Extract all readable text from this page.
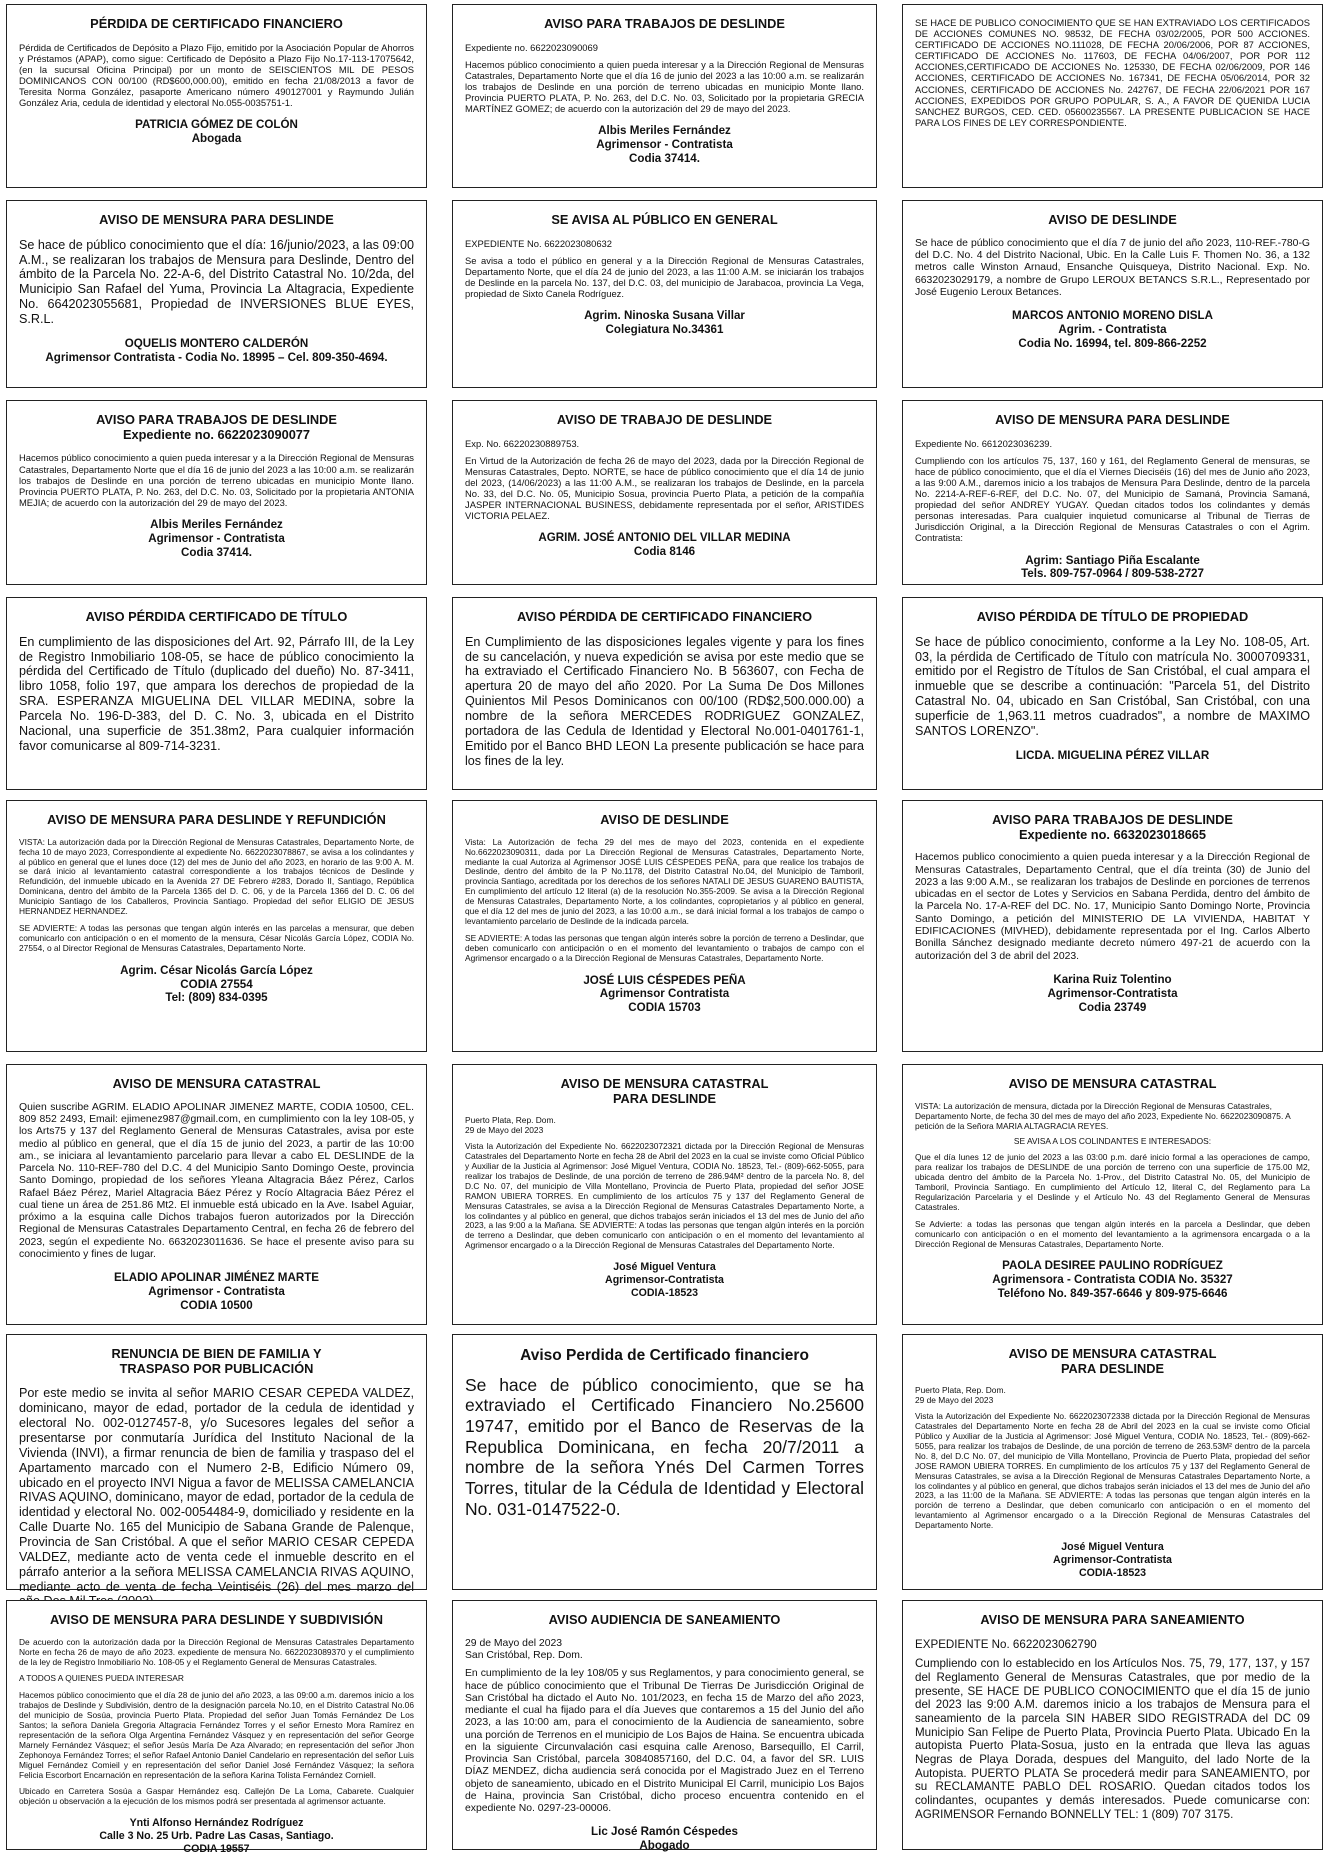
PÉRDIDA DE CERTIFICADO FINANCIERO

Pérdida de Certificados de Depósito a Plazo Fijo, emitido por la Asociación Popular de Ahorros y Préstamos (APAP), como sigue: Certificado de Depósito a Plazo Fijo No.17-113-17075642, (en la sucursal Oficina Principal) por un monto de SEISCIENTOS MIL DE PESOS DOMINICANOS CON 00/100 (RD$600,000.00), emitido en fecha 21/08/2013 a favor de Teresita Norma González, pasaporte Americano número 490127001 y Raymundo Julián González Aria, cedula de identidad y electoral No.055-0035751-1.

PATRICIA GÓMEZ DE COLÓN
Abogada
AVISO PARA TRABAJOS DE DESLINDE
Expediente no. 6622023090069

Hacemos público conocimiento a quien pueda interesar y a la Dirección Regional de Mensuras Catastrales, Departamento Norte que el día 16 de junio del 2023 a las 10:00 a.m. se realizarán los trabajos de Deslinde en una porción de terreno ubicadas en municipio Monte llano. Provincia PUERTO PLATA, P. No. 263, del D.C. No. 03, Solicitado por la propietaria GRECIA MARTÍNEZ GOMEZ; de acuerdo con la autorización del 29 de mayo del 2023.

Albis Meriles Fernández
Agrimensor - Contratista
Codia 37414.

SE HACE DE PUBLICO CONOCIMIENTO QUE SE HAN EXTRAVIADO LOS CERTIFICADOS DE ACCIONES COMUNES NO. 98532, DE FECHA 03/02/2005, POR 500 ACCIONES. CERTIFICADO DE ACCIONES NO.111028, DE FECHA 20/06/2006, POR 87 ACCIONES, CERTIFICADO DE ACCIONES No. 117603, DE FECHA 04/06/2007, POR POR 112 ACCIONES,CERTIFICADO DE ACCIONES No. 125330, DE FECHA 02/06/2009, POR 146 ACCIONES, CERTIFICADO DE ACCIONES No. 167341, DE FECHA 05/06/2014, POR 32 ACCIONES, CERTIFICADO DE ACCIONES No. 242767, DE FECHA 22/06/2021 POR 167 ACCIONES, EXPEDIDOS POR GRUPO POPULAR, S. A., A FAVOR DE QUENIDA LUCIA SANCHEZ BURGOS, CED. CED. 05600235567. LA PRESENTE PUBLICACION SE HACE PARA LOS FINES DE LEY CORRESPONDIENTE.

AVISO DE MENSURA PARA DESLINDE

Se hace de público conocimiento que el día: 16/junio/2023, a las 09:00 A.M., se realizaran los trabajos de Mensura para Deslinde, Dentro del ámbito de la Parcela No. 22-A-6, del Distrito Catastral No. 10/2da, del Municipio San Rafael del Yuma, Provincia La Altagracia, Expediente No. 6642023055681, Propiedad de INVERSIONES BLUE EYES, S.R.L.

OQUELIS MONTERO CALDERÓN
Agrimensor Contratista - Codia No. 18995 – Cel. 809-350-4694.
SE AVISA AL PÚBLICO EN GENERAL
EXPEDIENTE No. 6622023080632

Se avisa a todo el público en general y a la Dirección Regional de Mensuras Catastrales, Departamento Norte, que el día 24 de junio del 2023, a las 11:00 A.M. se iniciarán los trabajos de Deslinde en la parcela No. 137, del D.C. 03, del municipio de Jarabacoa, provincia La Vega, propiedad de Sixto Canela Rodríguez.

Agrim. Ninoska Susana Villar
Colegiatura No.34361
AVISO DE DESLINDE

Se hace de público conocimiento que el día 7 de junio del año 2023, 110-REF.-780-G del D.C. No. 4 del Distrito Nacional, Ubic. En la Calle Luis F. Thomen No. 36, a 132 metros calle Winston Arnaud, Ensanche Quisqueya, Distrito Nacional. Exp. No. 6632023029179, a nombre de Grupo LEROUX BETANCS S.R.L., Representado por José Eugenio Leroux Betances.

MARCOS ANTONIO MORENO DISLA
Agrim. - Contratista
Codia No. 16994, tel. 809-866-2252
AVISO PARA TRABAJOS DE DESLINDE
Expediente no. 6622023090077

Hacemos público conocimiento a quien pueda interesar y a la Dirección Regional de Mensuras Catastrales, Departamento Norte que el día 16 de junio del 2023 a las 10:00 a.m. se realizarán los trabajos de Deslinde en una porción de terreno ubicadas en municipio Monte llano. Provincia PUERTO PLATA, P. No. 263, del D.C. No. 03, Solicitado por la propietaria ANTONIA MEJIA; de acuerdo con la autorización del 29 de mayo del 2023.

Albis Meriles Fernández
Agrimensor - Contratista
Codia 37414.
AVISO DE TRABAJO DE DESLINDE
Exp. No. 66220230889753.

En Virtud de la Autorización de fecha 26 de mayo del 2023, dada por la Dirección Regional de Mensuras Catastrales, Depto. NORTE, se hace de público conocimiento que el día 14 de junio del 2023, (14/06/2023) a las 11:00 A.M., se realizaran los trabajos de Deslinde, en la parcela No. 33, del D.C. No. 05, Municipio Sosua, provincia Puerto Plata, a petición de la compañía JASPER INTERNACIONAL BUSINESS, debidamente representada por el señor, ARISTIDES VICTORIA PELAEZ.

AGRIM. JOSÉ ANTONIO DEL VILLAR MEDINA
Codia 8146
AVISO DE MENSURA PARA DESLINDE
Expediente No. 6612023036239.

Cumpliendo con los artículos 75, 137, 160 y 161, del Reglamento General de mensuras, se hace de público conocimiento, que el día el Viernes Dieciséis (16) del mes de Junio año 2023, a las 9:00 A.M., daremos inicio a los trabajos de Mensura Para Deslinde, dentro de la parcela No. 2214-A-REF-6-REF, del D.C. No. 07, del Municipio de Samaná, Provincia Samaná, propiedad del señor ANDREY YUGAY. Quedan citados todos los colindantes y demás personas interesadas. Para cualquier inquietud comunicarse al Tribunal de Tierras de Jurisdicción Original, a la Dirección Regional de Mensuras Catastrales o con el Agrim. Contratista:

Agrim: Santiago Piña Escalante
Tels. 809-757-0964 / 809-538-2727
AVISO PÉRDIDA CERTIFICADO DE TÍTULO

En cumplimiento de las disposiciones del Art. 92, Párrafo III, de la Ley de Registro Inmobiliario 108-05, se hace de público conocimiento la pérdida del Certificado de Título (duplicado del dueño) No. 87-3411, libro 1058, folio 197, que ampara los derechos de propiedad de la SRA. ESPERANZA MIGUELINA DEL VILLAR MEDINA, sobre la Parcela No. 196-D-383, del D. C. No. 3, ubicada en el Distrito Nacional, una superficie de 351.38m2, Para cualquier información favor comunicarse al 809-714-3231.

AVISO PÉRDIDA DE CERTIFICADO FINANCIERO

En Cumplimiento de las disposiciones legales vigente y para los fines de su cancelación, y nueva expedición se avisa por este medio que se ha extraviado el Certificado Financiero No. B 563607, con Fecha de apertura 20 de mayo del año 2020. Por La Suma De Dos Millones Quinientos Mil Pesos Dominicanos con 00/100 (RD$2,500.000.00) a nombre de la señora MERCEDES RODRIGUEZ GONZALEZ, portadora de las Cedula de Identidad y Electoral No.001-0401761-1, Emitido por el Banco BHD LEON La presente publicación se hace para los fines de la ley.

AVISO PÉRDIDA DE TÍTULO DE PROPIEDAD

Se hace de público conocimiento, conforme a la Ley No. 108-05, Art. 03, la pérdida de Certificado de Título con matrícula No. 3000709331, emitido por el Registro de Títulos de San Cristóbal, el cual ampara el inmueble que se describe a continuación: "Parcela 51, del Distrito Catastral No. 04, ubicado en San Cristóbal, San Cristóbal, con una superficie de 1,963.11 metros cuadrados", a nombre de MAXIMO SANTOS LORENZO".

LICDA. MIGUELINA PÉREZ VILLAR
AVISO DE MENSURA PARA DESLINDE Y REFUNDICIÓN

VISTA: La autorización dada por la Dirección Regional de Mensuras Catastrales, Departamento Norte, de fecha 10 de mayo 2023, Correspondiente al expediente No. 6622023078867, se avisa a los colindantes y al público en general que el lunes doce (12) del mes de Junio del año 2023, en horario de las 9:00 A. M. se dará inicio al levantamiento catastral correspondiente a los trabajos técnicos de Deslinde y Refundición, del inmueble ubicado en la Avenida 27 DE Febrero #283, Dorado II, Santiago, República Dominicana, dentro del ámbito de la Parcela 1365 del D. C. 06, y de la Parcela 1366 del D. C. 06 del Municipio Santiago de los Caballeros, Provincia Santiago. Propiedad del señor ELIGIO DE JESUS HERNANDEZ HERNANDEZ.

SE ADVIERTE: A todas las personas que tengan algún interés en las parcelas a mensurar, que deben comunicarlo con anticipación o en el momento de la mensura, César Nicolás García López, CODIA No. 27554, o al Director Regional de Mensuras Catastrales, Departamento Norte.

Agrim. César Nicolás García López
CODIA 27554
Tel: (809) 834-0395
AVISO DE DESLINDE

Vista: La Autorización de fecha 29 del mes de mayo del 2023, contenida en el expediente No.6622023090311, dada por La Dirección Regional de Mensuras Catastrales, Departamento Norte, mediante la cual Autoriza al Agrimensor JOSÉ LUIS CÉSPEDES PEÑA, para que realice los trabajos de Deslinde, dentro del ámbito de la P No.1178, del Distrito Catastral No.04, del Municipio de Tamboril, provincia Santiago, acreditada por los derechos de los señores NATALI DE JESUS GUARENO BAUTISTA, En cumplimiento del artículo 12 literal (a) de la resolución No.355-2009. Se avisa a la Dirección Regional de Mensuras Catastrales, Departamento Norte, a los colindantes, copropietarios y al público en general, que el día 12 del mes de junio del 2023, a las 10:00 a.m., se dará inicial formal a los trabajos de campo o levantamiento parcelario de Deslinde de la indicada parcela.

SE ADVIERTE: A todas las personas que tengan algún interés sobre la porción de terreno a Deslindar, que deben comunicarlo con anticipación o en el momento del levantamiento o trabajos de campo con el Agrimensor encargado o a la Dirección Regional de Mensuras Catastrales, Departamento Norte.

JOSÉ LUIS CÉSPEDES PEÑA
Agrimensor Contratista
CODIA 15703
AVISO PARA TRABAJOS DE DESLINDE
Expediente no. 6632023018665

Hacemos publico conocimiento a quien pueda interesar y a la Dirección Regional de Mensuras Catastrales, Departamento Central, que el día treinta (30) de Junio del 2023 a las 9:00 A.M., se realizaran los trabajos de Deslinde en porciones de terrenos ubicadas en el sector de Lotes y Servicios en Sabana Perdida, dentro del ámbito de la Parcela No. 17-A-REF del DC. No. 17, Municipio Santo Domingo Norte, Provincia Santo Domingo, a petición del MINISTERIO DE LA VIVIENDA, HABITAT Y EDIFICACIONES (MIVHED), debidamente representada por el Ing. Carlos Alberto Bonilla Sánchez designado mediante decreto número 497-21 de acuerdo con la autorización del 3 de abril del 2023.

Karina Ruiz Tolentino
Agrimensor-Contratista
Codia 23749
AVISO DE MENSURA CATASTRAL

Quien suscribe AGRIM. ELADIO APOLINAR JIMENEZ MARTE, CODIA 10500, CEL. 809 852 2493, Email: ejimenez987@gmail.com, en cumplimiento con la ley 108-05, y los Arts75 y 137 del Reglamento General de Mensuras Catastrales, avisa por este medio al público en general, que el día 15 de junio del 2023, a partir de las 10:00 am., se iniciara al levantamiento parcelario para llevar a cabo EL DESLINDE de la Parcela No. 110-REF-780 del D.C. 4 del Municipio Santo Domingo Oeste, provincia Santo Domingo, propiedad de los señores Yleana Altagracia Báez Pérez, Carlos Rafael Báez Pérez, Mariel Altagracia Báez Pérez y Rocío Altagracia Báez Pérez el cual tiene un área de 251.86 Mt2. El inmueble está ubicado en la Ave. Isabel Aguiar, próximo a la esquina calle Dichos trabajos fueron autorizados por la Dirección Regional de Mensuras Catastrales Departamento Central, en fecha 26 de febrero del 2023, según el expediente No. 6632023011636. Se hace el presente aviso para su conocimiento y fines de lugar.

ELADIO APOLINAR JIMÉNEZ MARTE
Agrimensor - Contratista
CODIA 10500
AVISO DE MENSURA CATASTRAL
PARA DESLINDE
Puerto Plata, Rep. Dom.
29 de Mayo del 2023

Vista la Autorización del Expediente No. 6622023072321 dictada por la Dirección Regional de Mensuras Catastrales del Departamento Norte en fecha 28 de Abril del 2023 en la cual se inviste como Oficial Público y Auxiliar de la Justicia al Agrimensor: José Miguel Ventura, CODIA No. 18523, Tel.- (809)-662-5055, para realizar los trabajos de Deslinde, de una porción de terreno de 286.94M² dentro de la parcela No. 8, del D.C No. 07, del municipio de Villa Montellano, Provincia de Puerto Plata, propiedad del señor JOSE RAMON UBIERA TORRES. En cumplimiento de los artículos 75 y 137 del Reglamento General de Mensuras Catastrales, se avisa a la Dirección Regional de Mensuras Catastrales Departamento Norte, a los colindantes y al público en general, que dichos trabajos serán iniciados el 13 del mes de Junio del año 2023, a las 9:00 a la Mañana. SE ADVIERTE: A todas las personas que tengan algún interés en la porción de terreno a Deslindar, que deben comunicarlo con anticipación o en el momento del levantamiento al Agrimensor encargado o a la Dirección Regional de Mensuras Catastrales del Departamento Norte.

José Miguel Ventura
Agrimensor-Contratista
CODIA-18523
AVISO DE MENSURA CATASTRAL
VISTA: La autorización de mensura, dictada por la Dirección Regional de Mensuras Catastrales, Departamento Norte, de fecha 30 del mes de mayo del año 2023, Expediente No. 6622023090875. A petición de la Señora MARIA ALTAGRACIA REYES.
SE AVISA A LOS COLINDANTES E INTERESADOS:

Que el día lunes 12 de junio del 2023 a las 03:00 p.m. daré inicio formal a las operaciones de campo, para realizar los trabajos de DESLINDE de una porción de terreno con una superficie de 175.00 M2, ubicada dentro del ámbito de la Parcela No. 1-Prov., del Distrito Catastral No. 05, del Municipio de Tamboril, Provincia Santiago. En cumplimiento del Artículo 12, literal C, del Reglamento para La Regularización Parcelaria y el Deslinde y el Artículo No. 43 del Reglamento General de Mensuras Catastrales.

Se Advierte: a todas las personas que tengan algún interés en la parcela a Deslindar, que deben comunicarlo con anticipación o en el momento del levantamiento a la agrimensora encargada o a la Dirección Regional de Mensuras Catastrales, Departamento Norte.

PAOLA DESIREE PAULINO RODRÍGUEZ
Agrimensora - Contratista CODIA No. 35327
Teléfono No. 849-357-6646 y 809-975-6646
RENUNCIA DE BIEN DE FAMILIA Y
TRASPASO POR PUBLICACIÓN

Por este medio se invita al señor MARIO CESAR CEPEDA VALDEZ, dominicano, mayor de edad, portador de la cedula de identidad y electoral No. 002-0127457-8, y/o Sucesores legales del señor a presentarse por conmutaría Jurídica del Instituto Nacional de la Vivienda (INVI), a firmar renuncia de bien de familia y traspaso del el Apartamento marcado con el Numero 2-B, Edificio Número 09, ubicado en el proyecto INVI Nigua a favor de MELISSA CAMELANCIA RIVAS AQUINO, dominicano, mayor de edad, portador de la cedula de identidad y electoral No. 002-0054484-9, domiciliado y residente en la Calle Duarte No. 165 del Municipio de Sabana Grande de Palenque, Provincia de San Cristóbal. A que el señor MARIO CESAR CEPEDA VALDEZ, mediante acto de venta cede el inmueble descrito en el párrafo anterior a la señora MELISSA CAMELANCIA RIVAS AQUINO, mediante acto de venta de fecha Veintiséis (26) del mes marzo del

Aviso Perdida de Certificado financiero

Se hace de público conocimiento, que se ha extraviado el Certificado Financiero No.25600 19747, emitido por el Banco de Reservas de la Republica Dominicana, en fecha 20/7/2011 a nombre de la señora Ynés Del Carmen Torres Torres, titular de la Cédula de Identidad y Electoral No. 031-0147522-0.

AVISO DE MENSURA CATASTRAL
PARA DESLINDE
Puerto Plata, Rep. Dom.
29 de Mayo del 2023

Vista la Autorización del Expediente No. 6622023072338 dictada por la Dirección Regional de Mensuras Catastrales del Departamento Norte en fecha 28 de Abril del 2023 en la cual se inviste como Oficial Público y Auxiliar de la Justicia al Agrimensor: José Miguel Ventura, CODIA No. 18523, Tel.- (809)-662-5055, para realizar los trabajos de Deslinde, de una porción de terreno de 263.53M² dentro de la parcela No. 8, del D.C No. 07, del municipio de Villa Montellano, Provincia de Puerto Plata, propiedad del señor JOSE RAMON UBIERA TORRES. En cumplimiento de los artículos 75 y 137 del Reglamento General de Mensuras Catastrales, se avisa a la Dirección Regional de Mensuras Catastrales Departamento Norte, a los colindantes y al público en general, que dichos trabajos serán iniciados el 13 del mes de Junio del año 2023, a las 11:00 de la Mañana. SE ADVIERTE: A todas las personas que tengan algún interés en la porción de terreno a Deslindar, que deben comunicarlo con anticipación o en el momento del levantamiento al Agrimensor encargado o a la Dirección Regional de Mensuras Catastrales del Departamento Norte.

José Miguel Ventura
Agrimensor-Contratista
CODIA-18523
AVISO DE MENSURA PARA DESLINDE Y SUBDIVISIÓN

De acuerdo con la autorización dada por la Dirección Regional de Mensuras Catastrales Departamento Norte en fecha 26 de mayo de año 2023. expediente de mensura No. 6622023089370 y el cumplimiento de la ley de Registro Inmobiliario No. 108-05 y el Reglamento General de Mensuras Catastrales.

A TODOS A QUIENES PUEDA INTERESAR

Hacemos público conocimiento que el día 28 de junio del año 2023, a las 09:00 a.m. daremos inicio a los trabajos de Deslinde y Subdivisión, dentro de la designación parcela No.10, en el Distrito Catastral No.06 del municipio de Sosúa, provincia Puerto Plata. Propiedad del señor Juan Tomás Fernández De Los Santos; la señora Daniela Gregoria Altagracia Fernández Torres y el señor Ernesto Mora Ramírez en representación de la señora Olga Argentina Fernández Vásquez y en representación del señor George Marnely Fernández Vásquez; el señor Jesús María De Aza Alvarado; en representación del señor Jhon Zephonoya Fernández Torres; el señor Rafael Antonio Daniel Candelario en representación del señor Luis Miguel Fernández Comieil y en representación del señor Daniel José Fernández Vásquez; la señora Felicia Escorbort Encarnación en representación de la señora Karina Tolista Fernández Corniell.

Ubicado en Carretera Sosúa a Gaspar Hernández esq. Callejón De La Loma, Cabarete. Cualquier objeción u observación a la ejecución de los mismos podrá ser presentada al agrimensor actuante.

Ynti Alfonso Hernández Rodríguez
Calle 3 No. 25 Urb. Padre Las Casas, Santiago.
CODIA 19557
AVISO AUDIENCIA DE SANEAMIENTO
29 de Mayo del 2023
San Cristóbal, Rep. Dom.

En cumplimiento de la ley 108/05 y sus Reglamentos, y para conocimiento general, se hace de público conocimiento que el Tribunal De Tierras De Jurisdicción Original de San Cristóbal ha dictado el Auto No. 101/2023, en fecha 15 de Marzo del año 2023, mediante el cual ha fijado para el día Jueves que contaremos a 15 del Junio del año 2023, a las 10:00 am, para el conocimiento de la Audiencia de saneamiento, sobre una porción de Terrenos en el municipio de Los Bajos de Haina. Se encuentra ubicada en la siguiente Circunvalación casi esquina calle Arenoso, Barsequillo, El Carril, Provincia San Cristóbal, parcela 30840857160, del D.C. 04, a favor del SR. LUIS DÍAZ MENDEZ, dicha audiencia será conocida por el Magistrado Juez en el Terreno objeto de saneamiento, ubicado en el Distrito Municipal El Carril, municipio Los Bajos de Haina, provincia San Cristóbal, dicho proceso encuentra contenido en el expediente No. 0297-23-00006.

Lic José Ramón Céspedes
Abogado
AVISO DE MENSURA PARA SANEAMIENTO
EXPEDIENTE No. 6622023062790

Cumpliendo con lo establecido en los Artículos Nos. 75, 79, 177, 137, y 157 del Reglamento General de Mensuras Catastrales, que por medio de la presente, SE HACE DE PUBLICO CONOCIMIENTO que el día 15 de junio del 2023 las 9:00 A.M. daremos inicio a los trabajos de Mensura para el saneamiento de la parcela SIN HABER SIDO REGISTRADA del DC 09 Municipio San Felipe de Puerto Plata, Provincia Puerto Plata. Ubicado En la autopista Puerto Plata-Sosua, justo en la entrada que lleva las aguas Negras de Playa Dorada, despues del Manguito, del lado Norte de la Autopista. PUERTO PLATA Se procederá medir para SANEAMIENTO, por su RECLAMANTE PABLO DEL ROSARIO. Quedan citados todos los colindantes, ocupantes y demás interesados. Puede comunicarse con: AGRIMENSOR Fernando BONNELLY TEL: 1 (809) 707 3175.
